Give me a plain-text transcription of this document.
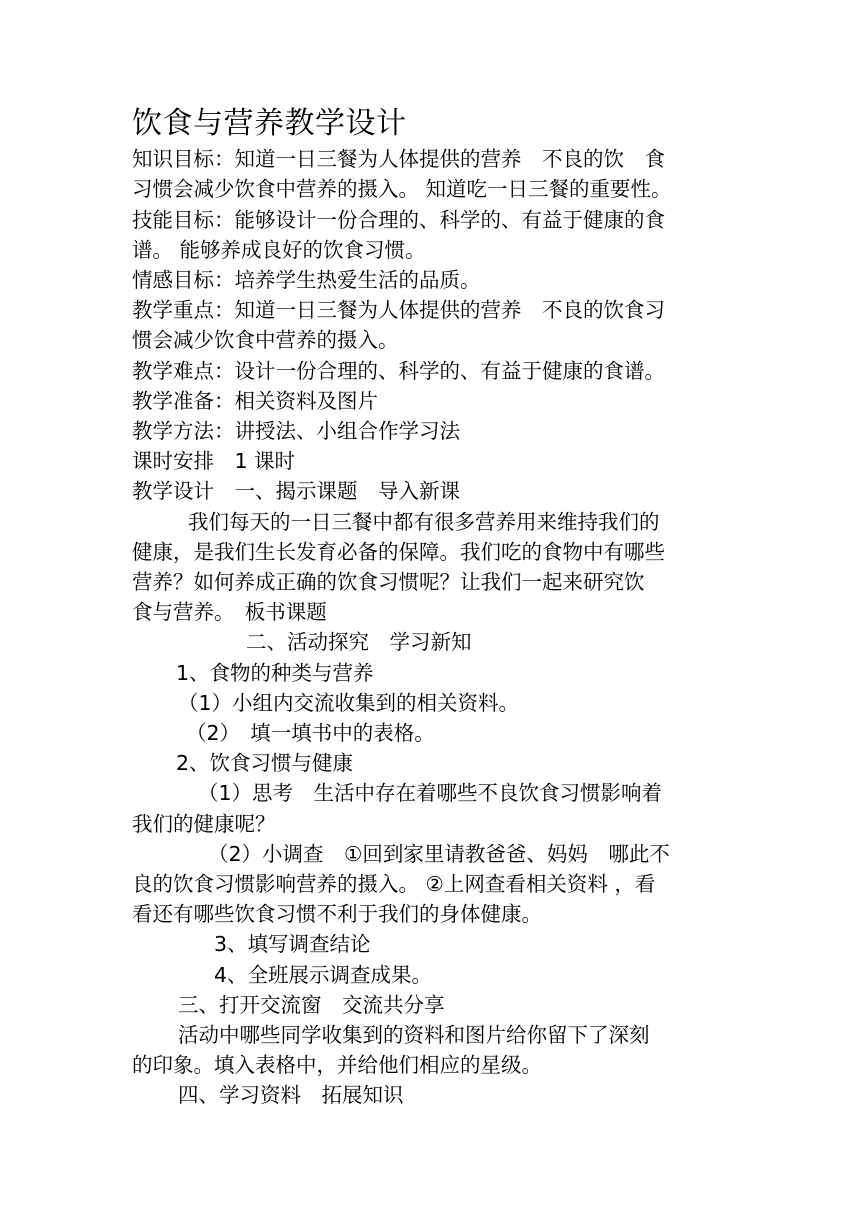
饮食与营养教学设计
知识目标：知道一日三餐为人体提供的营养　不良的饮　食
习惯会减少饮食中营养的摄入。 知道吃一日三餐的重要性。
技能目标：能够设计一份合理的、科学的、有益于健康的食
谱。 能够养成良好的饮食习惯。
情感目标：培养学生热爱生活的品质。
教学重点：知道一日三餐为人体提供的营养　不良的饮食习
惯会减少饮食中营养的摄入。
教学难点：设计一份合理的、科学的、有益于健康的食谱。
教学准备：相关资料及图片
教学方法：讲授法、小组合作学习法
课时安排　1 课时
教学设计　一、揭示课题　导入新课
我们每天的一日三餐中都有很多营养用来维持我们的
健康，是我们生长发育必备的保障。我们吃的食物中有哪些
营养？如何养成正确的饮食习惯呢？让我们一起来研究饮
食与营养。　板书课题
二、活动探究　学习新知
1、食物的种类与营养
（1）小组内交流收集到的相关资料。
（2）　填一填书中的表格。
2、饮食习惯与健康
（1）思考　生活中存在着哪些不良饮食习惯影响着
我们的健康呢？
（2）小调查　①回到家里请教爸爸、妈妈　哪此不
良的饮食习惯影响营养的摄入。 ②上网查看相关资料 ，看
看还有哪些饮食习惯不利于我们的身体健康。
3、填写调查结论
4、全班展示调查成果。
三、打开交流窗　交流共分享
活动中哪些同学收集到的资料和图片给你留下了深刻
的印象。填入表格中，并给他们相应的星级。
四、学习资料　拓展知识
